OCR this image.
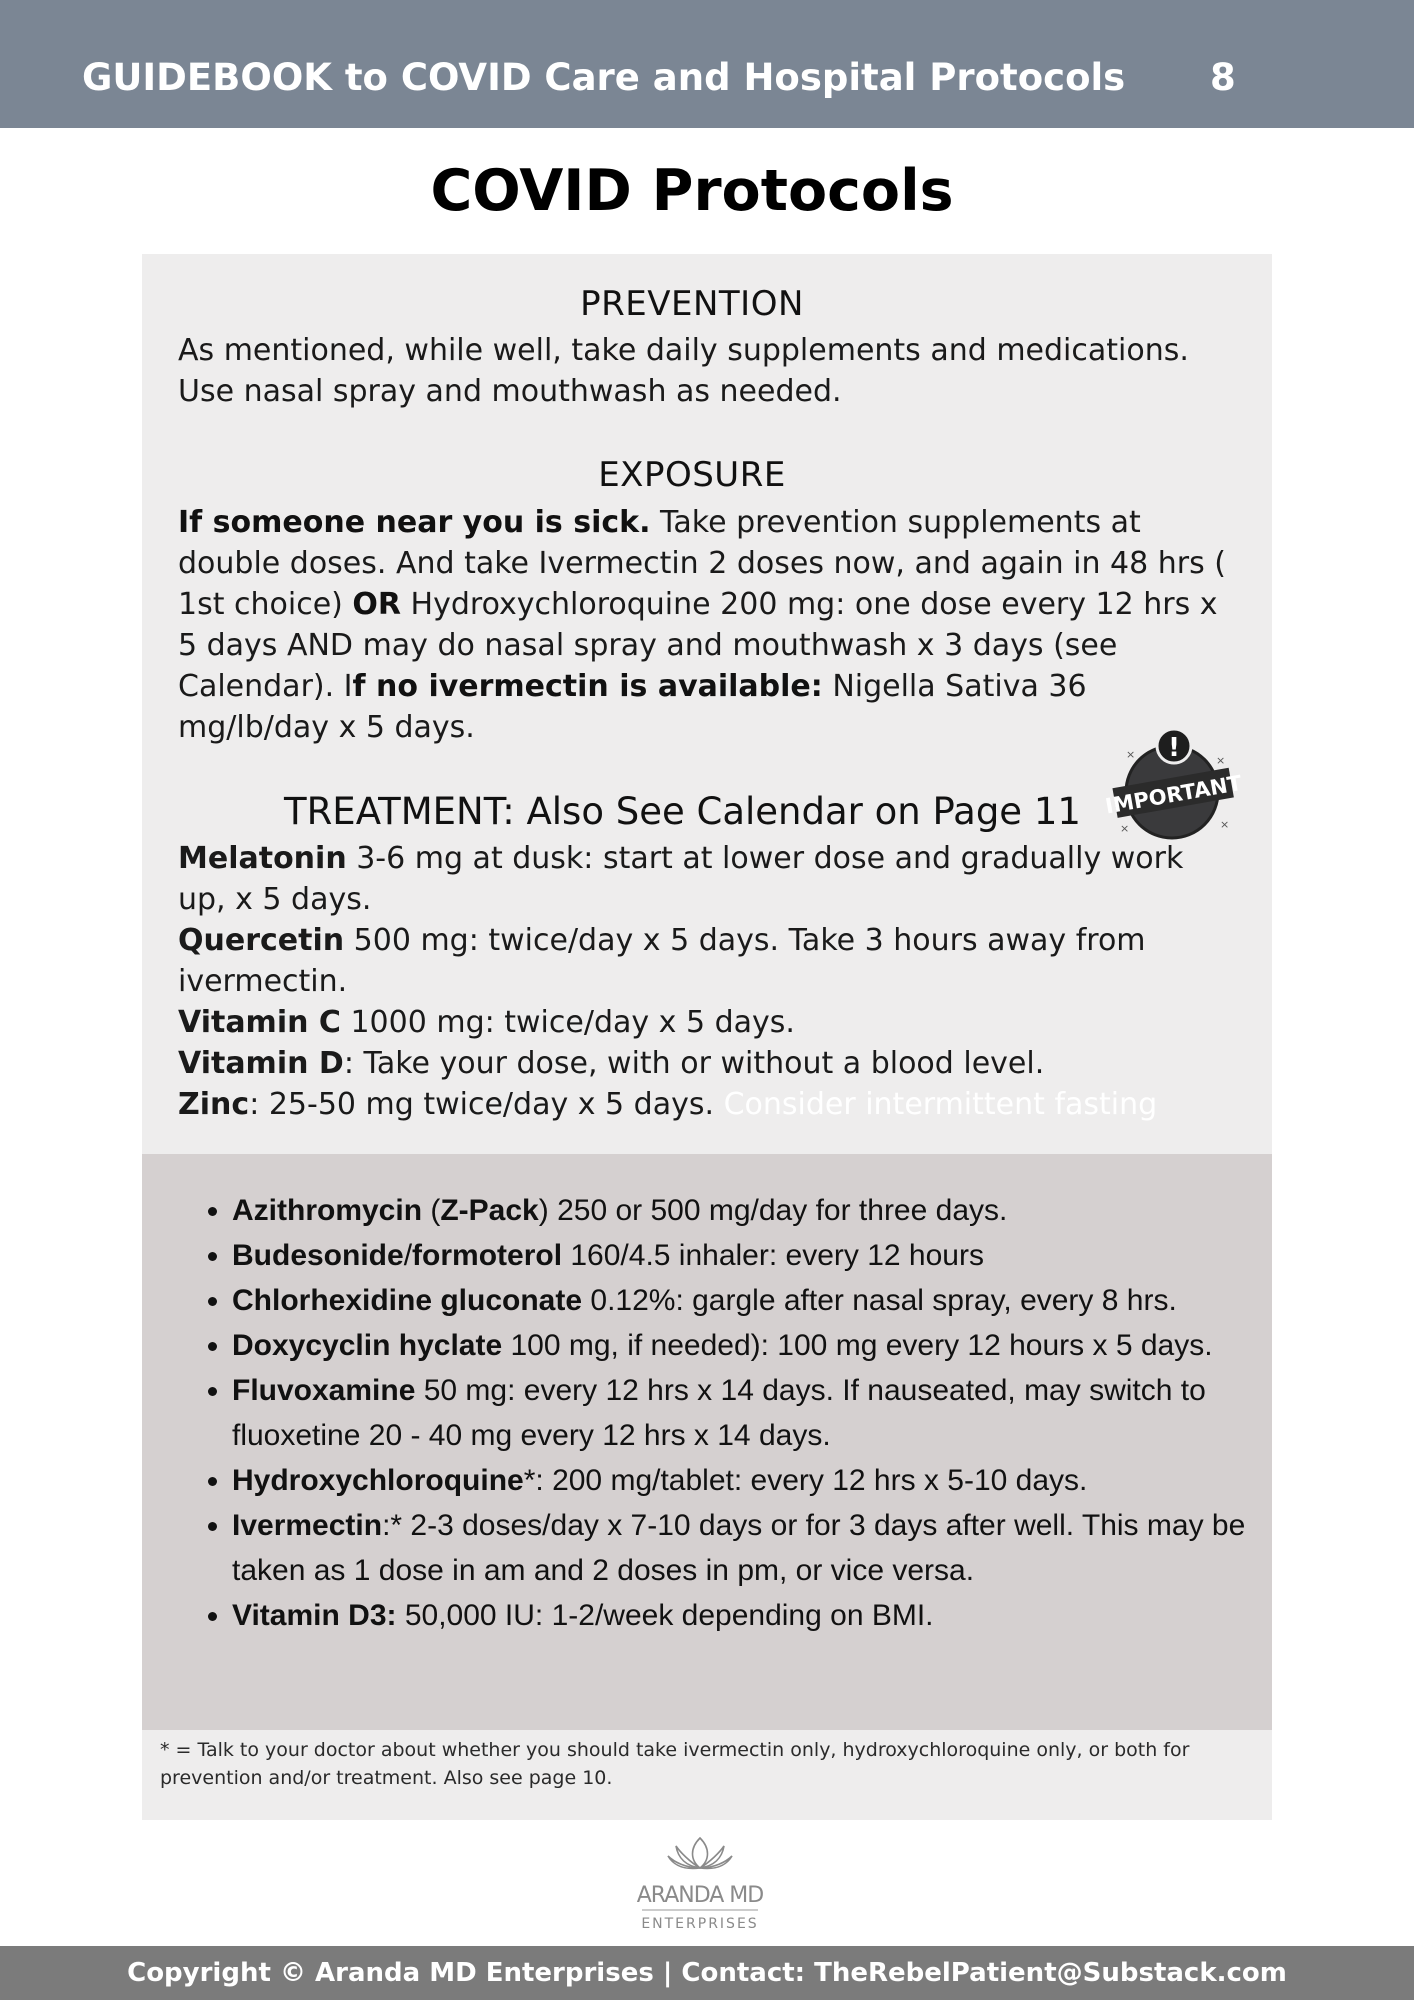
GUIDEBOOK to COVID Care and Hospital Protocols 8
COVID Protocols
PREVENTION
As mentioned, while well, take daily supplements and medications. Use nasal spray and mouthwash as needed.
EXPOSURE
If someone near you is sick. Take prevention supplements at double doses. And take Ivermectin 2 doses now, and again in 48 hrs ( 1st choice) OR Hydroxychloroquine 200 mg: one dose every 12 hrs x 5 days AND may do nasal spray and mouthwash x 3 days (see Calendar). If no ivermectin is available: Nigella Sativa 36 mg/lb/day x 5 days.
TREATMENT: Also See Calendar on Page 11
!
IMPORTANT
×	×
×
×
Melatonin 3-6 mg at dusk: start at lower dose and gradually work up, x 5 days.
Quercetin 500 mg: twice/day x 5 days. Take 3 hours away from ivermectin.
Vitamin C 1000 mg: twice/day x 5 days.
Vitamin D: Take your dose, with or without a blood level.
Zinc: 25-50 mg twice/day x 5 days. Consider intermittent fasting
• Azithromycin (Z-Pack) 250 or 500 mg/day for three days.
• Budesonide/formoterol 160/4.5 inhaler: every 12 hours
• Chlorhexidine gluconate 0.12%: gargle after nasal spray, every 8 hrs.
• Doxycyclin hyclate 100 mg, if needed): 100 mg every 12 hours x 5 days.
• Fluvoxamine 50 mg: every 12 hrs x 14 days. If nauseated, may switch to fluoxetine 20 - 40 mg every 12 hrs x 14 days.
• Hydroxychloroquine*: 200 mg/tablet: every 12 hrs x 5-10 days.
• Ivermectin:* 2-3 doses/day x 7-10 days or for 3 days after well. This may be taken as 1 dose in am and 2 doses in pm, or vice versa.
• Vitamin D3: 50,000 IU: 1-2/week depending on BMI.
* = Talk to your doctor about whether you should take ivermectin only, hydroxychloroquine only, or both for prevention and/or treatment. Also see page 10.
ARANDA MD
ENTERPRISES
Copyright © Aranda MD Enterprises | Contact: TheRebelPatient@Substack.com
